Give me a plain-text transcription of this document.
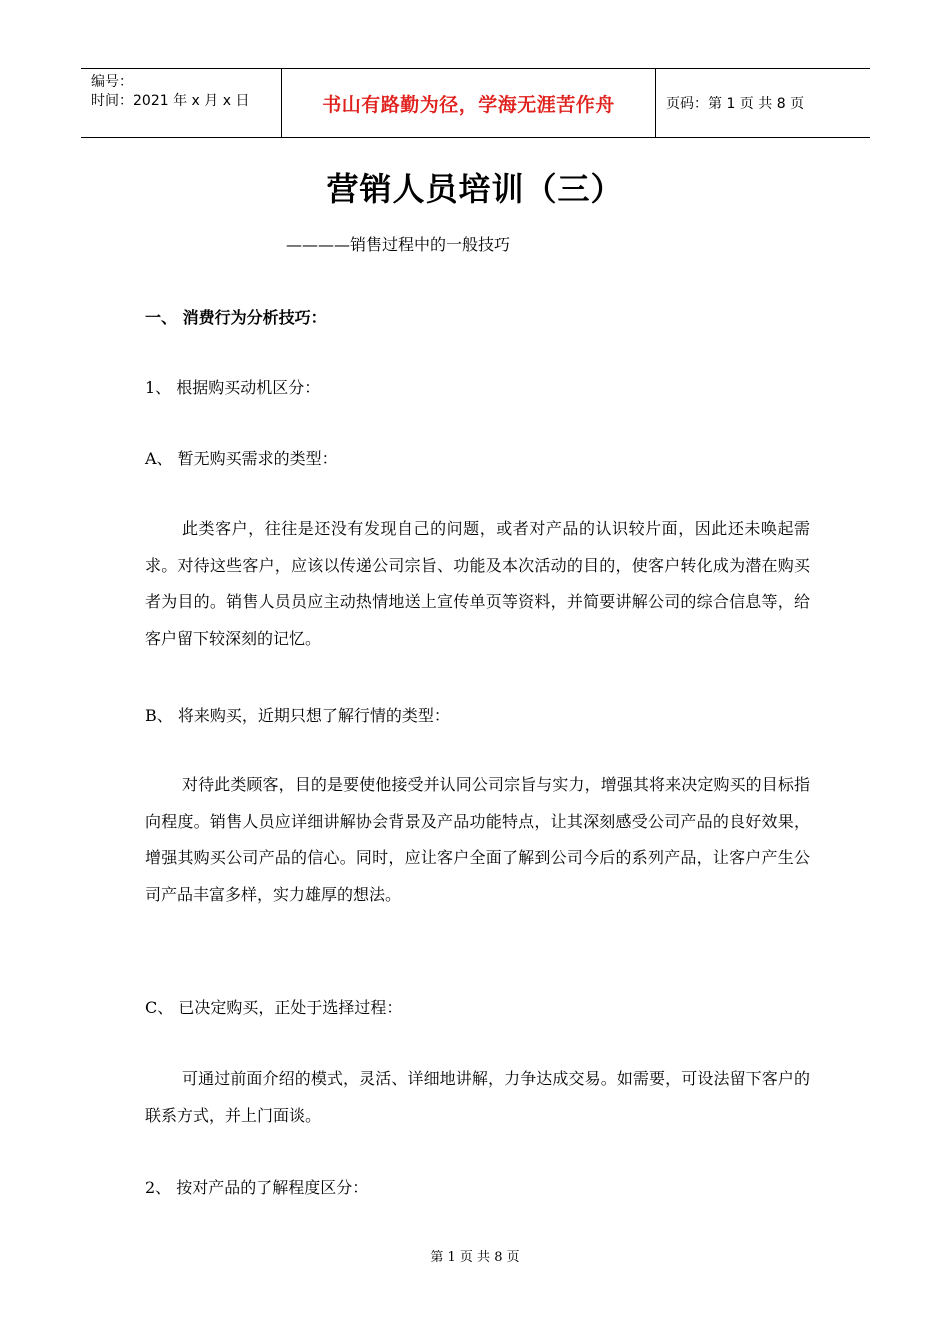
编号：
时间：2021 年 x 月 x 日	书山有路勤为径，学海无涯苦作舟	页码：第 1 页 共 8 页
营销人员培训（三）
————销售过程中的一般技巧
一、 消费行为分析技巧：
1、 根据购买动机区分：
A、 暂无购买需求的类型：
此类客户，往往是还没有发现自己的问题，或者对产品的认识较片面，因此还未唤起需求。对待这些客户，应该以传递公司宗旨、功能及本次活动的目的，使客户转化成为潜在购买者为目的。销售人员员应主动热情地送上宣传单页等资料，并简要讲解公司的综合信息等，给客户留下较深刻的记忆。
B、 将来购买，近期只想了解行情的类型：
对待此类顾客，目的是要使他接受并认同公司宗旨与实力，增强其将来决定购买的目标指向程度。销售人员应详细讲解协会背景及产品功能特点，让其深刻感受公司产品的良好效果，增强其购买公司产品的信心。同时，应让客户全面了解到公司今后的系列产品，让客户产生公司产品丰富多样，实力雄厚的想法。
C、 已决定购买，正处于选择过程：
可通过前面介绍的模式，灵活、详细地讲解，力争达成交易。如需要，可设法留下客户的联系方式，并上门面谈。
2、 按对产品的了解程度区分：
第 1 页 共 8 页
